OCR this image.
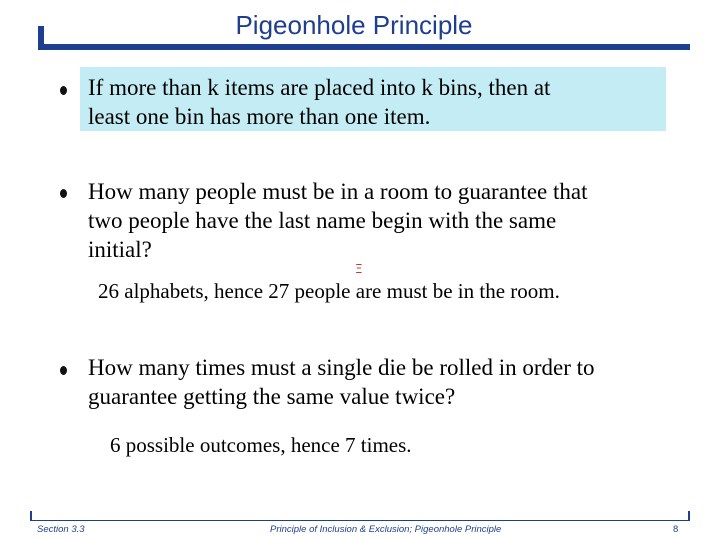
Pigeonhole Principle
If more than k items are placed into k bins, then at
least one bin has more than one item.
How many people must be in a room to guarantee that
two people have the last name begin with the same
initial?
Ξ
26 alphabets, hence 27 people are must be in the room.
How many times must a single die be rolled in order to
guarantee getting the same value twice?
6 possible outcomes, hence 7 times.
Section 3.3	Principle of Inclusion & Exclusion; Pigeonhole Principle	8
